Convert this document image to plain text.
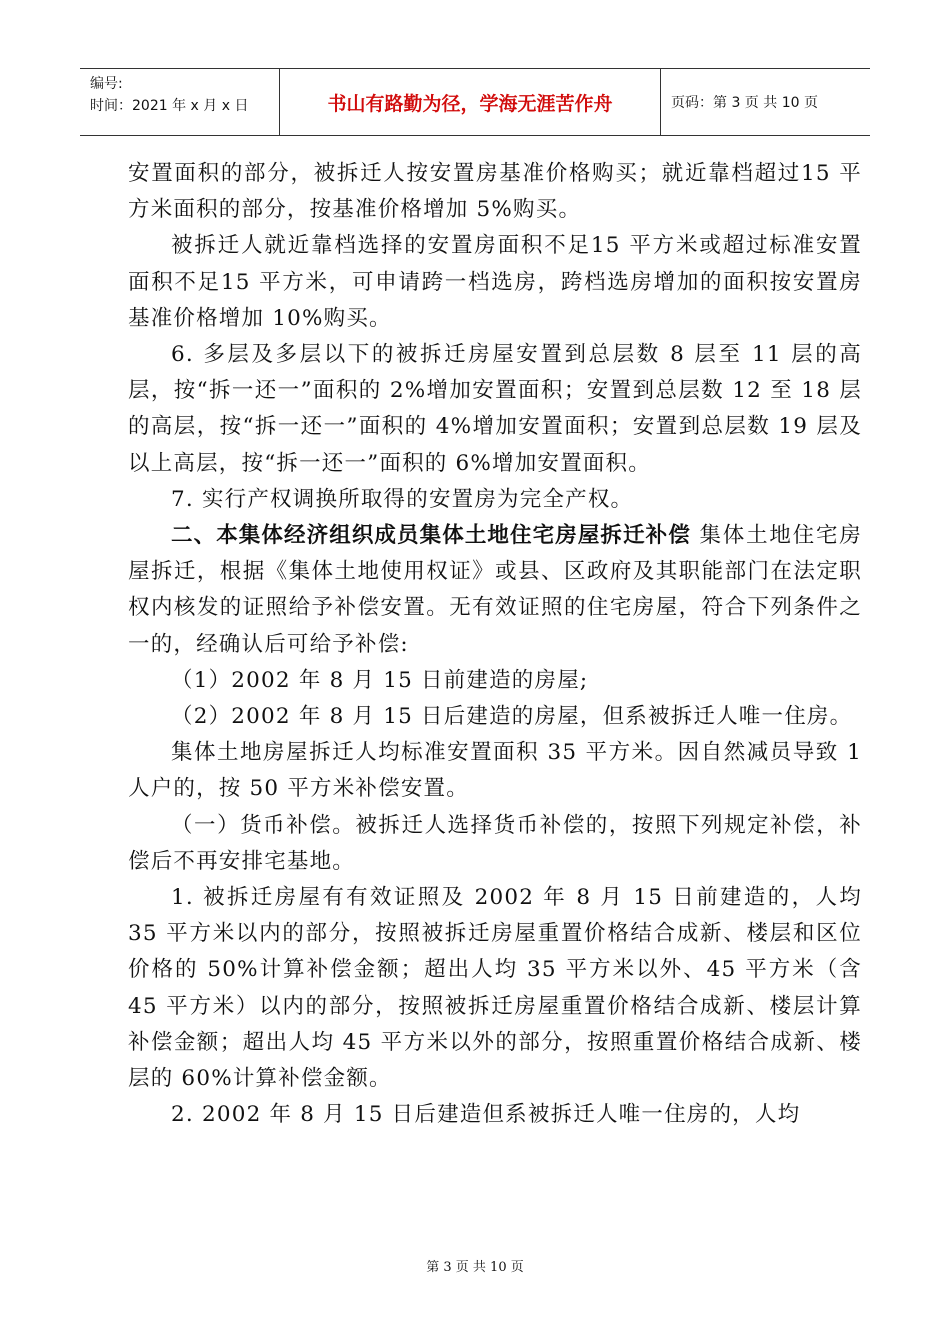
编号:
时间：2021 年 x 月 x 日	书山有路勤为径，学海无涯苦作舟	页码：第 3 页 共 10 页

安置面积的部分，被拆迁人按安置房基准价格购买；就近靠档超过15 平方米面积的部分，按基准价格增加 5%购买。

被拆迁人就近靠档选择的安置房面积不足15 平方米或超过标准安置面积不足15 平方米，可申请跨一档选房，跨档选房增加的面积按安置房基准价格增加 10%购买。

6. 多层及多层以下的被拆迁房屋安置到总层数 8 层至 11 层的高层，按“拆一还一”面积的 2%增加安置面积；安置到总层数 12 至 18 层的高层，按“拆一还一”面积的 4%增加安置面积；安置到总层数 19 层及以上高层，按“拆一还一”面积的 6%增加安置面积。

7. 实行产权调换所取得的安置房为完全产权。

二、本集体经济组织成员集体土地住宅房屋拆迁补偿 集体土地住宅房屋拆迁，根据《集体土地使用权证》或县、区政府及其职能部门在法定职权内核发的证照给予补偿安置。无有效证照的住宅房屋，符合下列条件之一的，经确认后可给予补偿:

（1）2002 年 8 月 15 日前建造的房屋;

（2）2002 年 8 月 15 日后建造的房屋，但系被拆迁人唯一住房。

集体土地房屋拆迁人均标准安置面积 35 平方米。因自然减员导致 1 人户的，按 50 平方米补偿安置。

（一）货币补偿。被拆迁人选择货币补偿的，按照下列规定补偿，补偿后不再安排宅基地。

1. 被拆迁房屋有有效证照及 2002 年 8 月 15 日前建造的，人均 35 平方米以内的部分，按照被拆迁房屋重置价格结合成新、楼层和区位价格的 50%计算补偿金额；超出人均 35 平方米以外、45 平方米（含 45 平方米）以内的部分，按照被拆迁房屋重置价格结合成新、楼层计算补偿金额；超出人均 45 平方米以外的部分，按照重置价格结合成新、楼层的 60%计算补偿金额。

2. 2002 年 8 月 15 日后建造但系被拆迁人唯一住房的，人均

第 3 页 共 10 页
